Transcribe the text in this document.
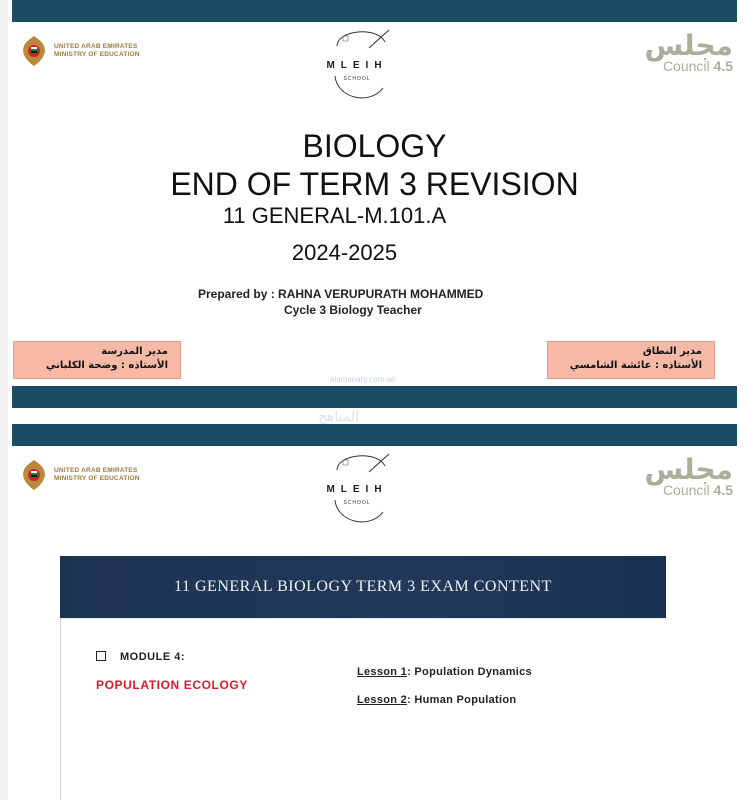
UNITED ARAB EMIRATES
MINISTRY OF EDUCATION
MLEIH
SCHOOL
مجلس
Council 4.5
BIOLOGY
END OF TERM 3 REVISION
11 GENERAL-M.101.A
2024-2025
Prepared by : RAHNA VERUPURATH MOHAMMED
Cycle 3 Biology Teacher
مدير المدرسة
الأستاذه : وضحة الكلباني
مدير النطاق
الأستاذه : عائشة الشامسي
alamanahj.com.ae
المناهج
UNITED ARAB EMIRATES
MINISTRY OF EDUCATION
MLEIH
SCHOOL
مجلس
Council 4.5
11 GENERAL BIOLOGY TERM 3 EXAM CONTENT
MODULE 4:
POPULATION ECOLOGY
Lesson 1: Population Dynamics
Lesson 2: Human Population
